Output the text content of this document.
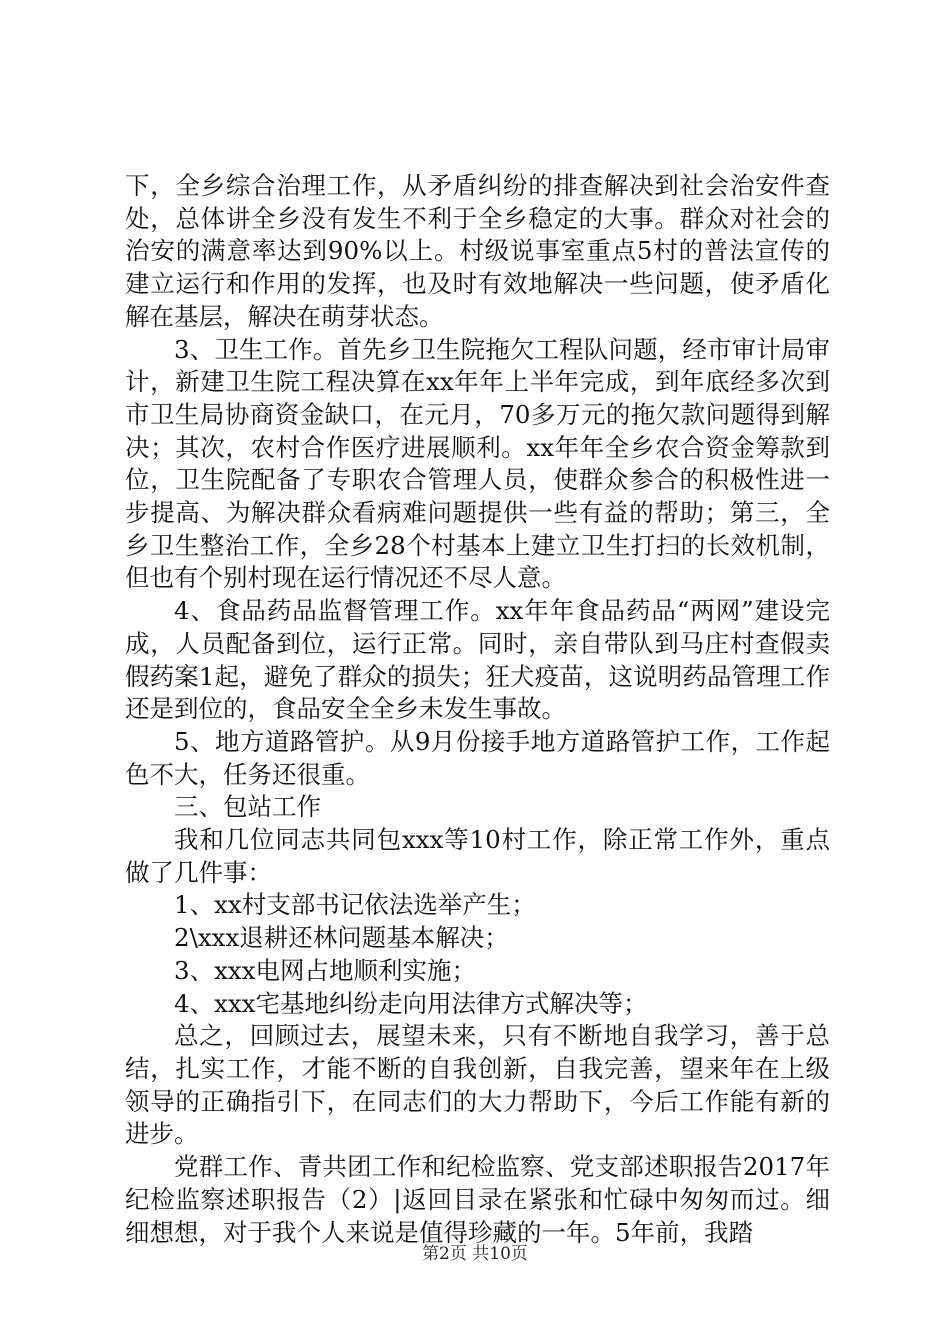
下，全乡综合治理工作，从矛盾纠纷的排查解决到社会治安件查处，总体讲全乡没有发生不利于全乡稳定的大事。群众对社会的治安的满意率达到90%以上。村级说事室重点5村的普法宣传的建立运行和作用的发挥，也及时有效地解决一些问题，使矛盾化解在基层，解决在萌芽状态。

3、卫生工作。首先乡卫生院拖欠工程队问题，经市审计局审计，新建卫生院工程决算在xx年年上半年完成，到年底经多次到市卫生局协商资金缺口，在元月，70多万元的拖欠款问题得到解决；其次，农村合作医疗进展顺利。xx年年全乡农合资金筹款到位，卫生院配备了专职农合管理人员，使群众参合的积极性进一步提高、为解决群众看病难问题提供一些有益的帮助；第三，全乡卫生整治工作，全乡28个村基本上建立卫生打扫的长效机制，但也有个别村现在运行情况还不尽人意。

4、食品药品监督管理工作。xx年年食品药品“两网”建设完成，人员配备到位，运行正常。同时，亲自带队到马庄村查假卖假药案1起，避免了群众的损失；狂犬疫苗，这说明药品管理工作还是到位的，食品安全全乡未发生事故。

5、地方道路管护。从9月份接手地方道路管护工作，工作起色不大，任务还很重。

三、包站工作

我和几位同志共同包xxx等10村工作，除正常工作外，重点做了几件事：

1、xx村支部书记依法选举产生；

2\xxx退耕还林问题基本解决；

3、xxx电网占地顺利实施；

4、xxx宅基地纠纷走向用法律方式解决等；

总之，回顾过去，展望未来，只有不断地自我学习，善于总结，扎实工作，才能不断的自我创新，自我完善，望来年在上级领导的正确指引下，在同志们的大力帮助下，今后工作能有新的进步。

党群工作、青共团工作和纪检监察、党支部述职报告2017年纪检监察述职报告（2）|返回目录在紧张和忙碌中匆匆而过。细细想想，对于我个人来说是值得珍藏的一年。5年前，我踏

第2页 共10页
